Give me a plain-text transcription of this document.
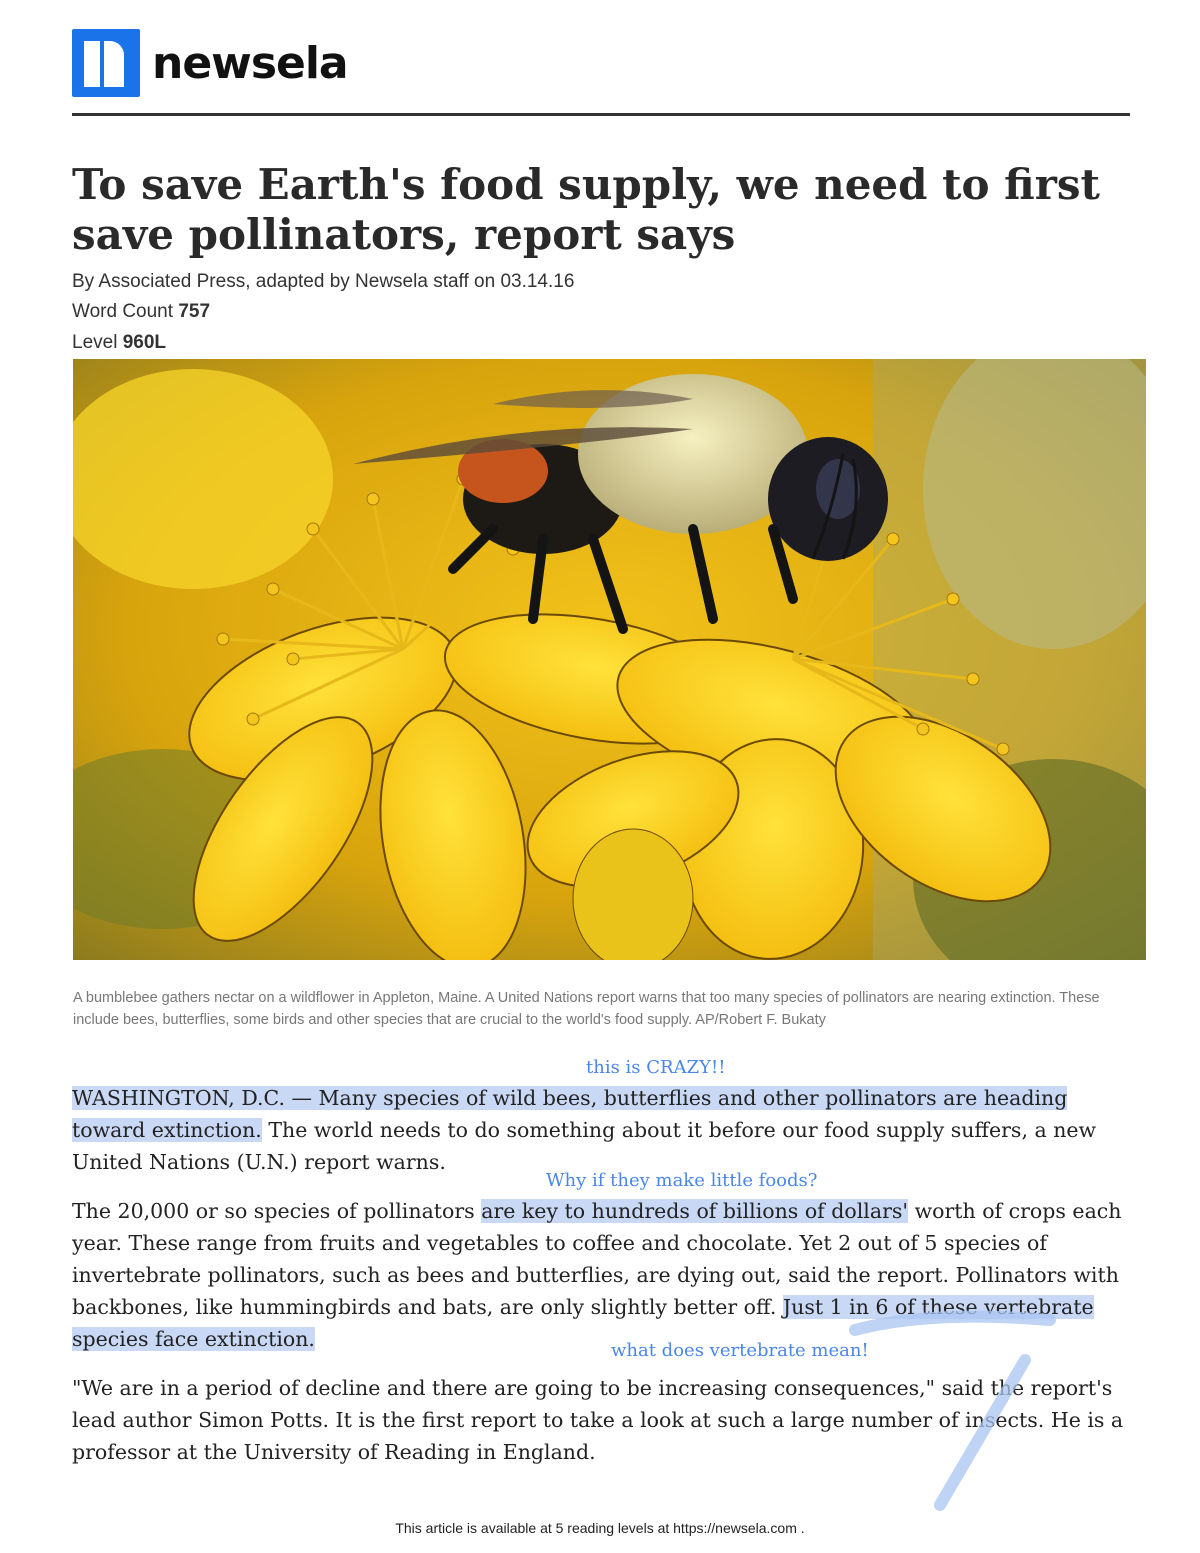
newsela
To save Earth's food supply, we need to first save pollinators, report says
By Associated Press, adapted by Newsela staff on 03.14.16
Word Count 757
Level 960L

A bumblebee gathers nectar on a wildflower in Appleton, Maine. A United Nations report warns that too many species of pollinators are nearing extinction. These include bees, butterflies, some birds and other species that are crucial to the world's food supply. AP/Robert F. Bukaty

this is CRAZY!!

WASHINGTON, D.C. — Many species of wild bees, butterflies and other pollinators are heading toward extinction. The world needs to do something about it before our food supply suffers, a new United Nations (U.N.) report warns.

Why if they make little foods?

The 20,000 or so species of pollinators are key to hundreds of billions of dollars' worth of crops each year. These range from fruits and vegetables to coffee and chocolate. Yet 2 out of 5 species of invertebrate pollinators, such as bees and butterflies, are dying out, said the report. Pollinators with backbones, like hummingbirds and bats, are only slightly better off. Just 1 in 6 of these vertebrate species face extinction.	what does vertebrate mean!

"We are in a period of decline and there are going to be increasing consequences," said the report's lead author Simon Potts. It is the first report to take a look at such a large number of insects. He is a professor at the University of Reading in England.

This article is available at 5 reading levels at https://newsela.com .
